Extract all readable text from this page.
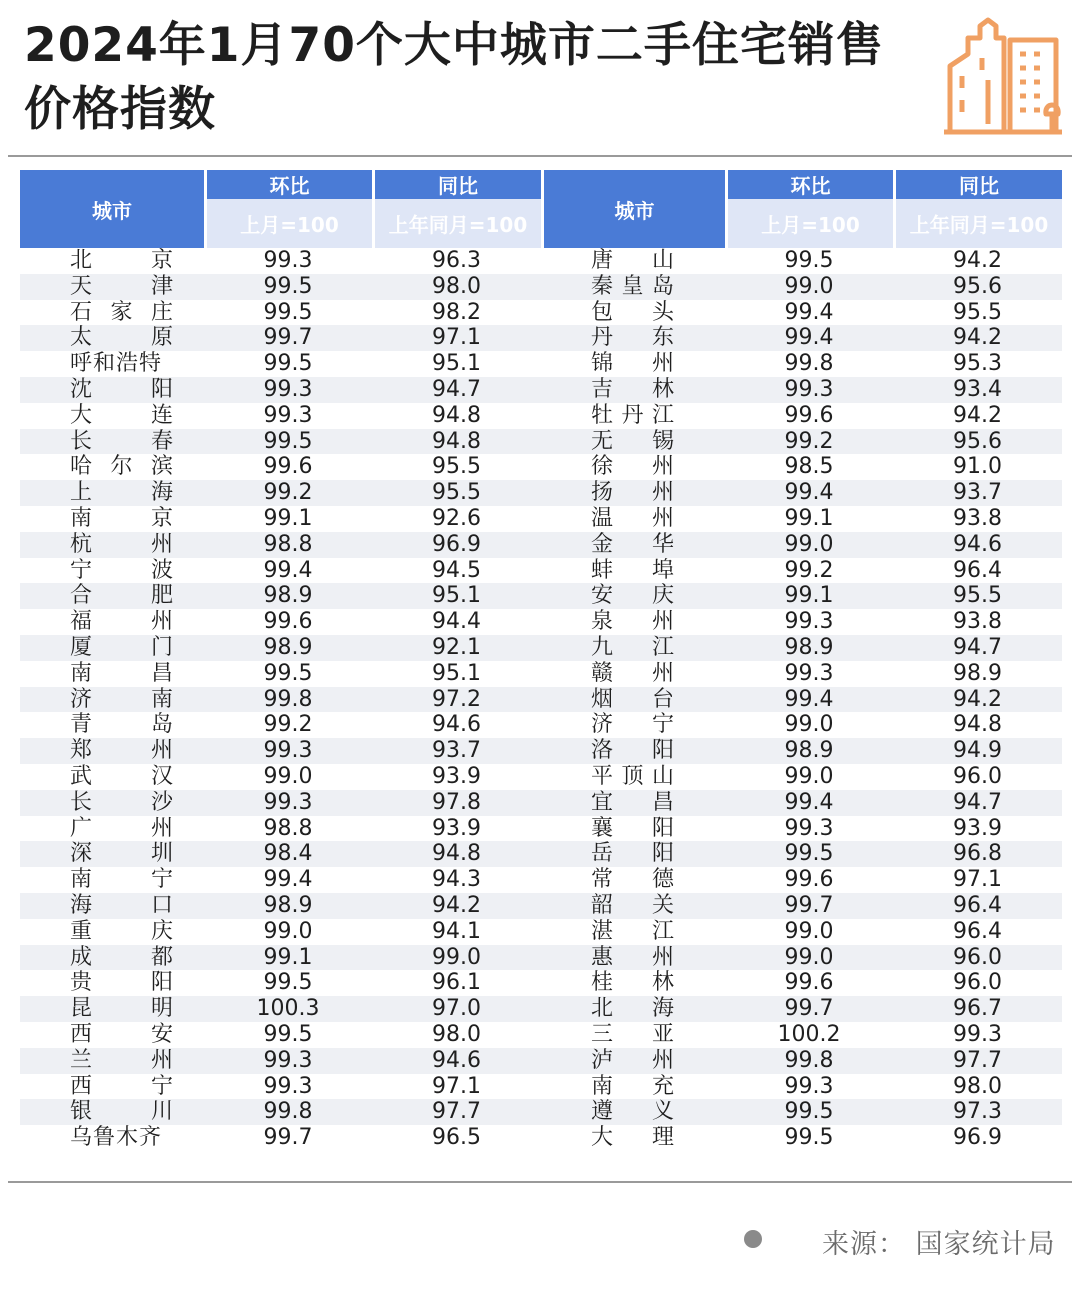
2024年1月70个大中城市二手住宅销售价格指数
城市	环比	同比	城市	环比	同比
	上月=100	上年同月=100		上月=100	上年同月=100
北京	99.3	96.3	唐山	99.5	94.2
天津	99.5	98.0	秦皇岛	99.0	95.6
石家庄	99.5	98.2	包头	99.4	95.5
太原	99.7	97.1	丹东	99.4	94.2
呼和浩特	99.5	95.1	锦州	99.8	95.3
沈阳	99.3	94.7	吉林	99.3	93.4
大连	99.3	94.8	牡丹江	99.6	94.2
长春	99.5	94.8	无锡	99.2	95.6
哈尔滨	99.6	95.5	徐州	98.5	91.0
上海	99.2	95.5	扬州	99.4	93.7
南京	99.1	92.6	温州	99.1	93.8
杭州	98.8	96.9	金华	99.0	94.6
宁波	99.4	94.5	蚌埠	99.2	96.4
合肥	98.9	95.1	安庆	99.1	95.5
福州	99.6	94.4	泉州	99.3	93.8
厦门	98.9	92.1	九江	98.9	94.7
南昌	99.5	95.1	赣州	99.3	98.9
济南	99.8	97.2	烟台	99.4	94.2
青岛	99.2	94.6	济宁	99.0	94.8
郑州	99.3	93.7	洛阳	98.9	94.9
武汉	99.0	93.9	平顶山	99.0	96.0
长沙	99.3	97.8	宜昌	99.4	94.7
广州	98.8	93.9	襄阳	99.3	93.9
深圳	98.4	94.8	岳阳	99.5	96.8
南宁	99.4	94.3	常德	99.6	97.1
海口	98.9	94.2	韶关	99.7	96.4
重庆	99.0	94.1	湛江	99.0	96.4
成都	99.1	99.0	惠州	99.0	96.0
贵阳	99.5	96.1	桂林	99.6	96.0
昆明	100.3	97.0	北海	99.7	96.7
西安	99.5	98.0	三亚	100.2	99.3
兰州	99.3	94.6	泸州	99.8	97.7
西宁	99.3	97.1	南充	99.3	98.0
银川	99.8	97.7	遵义	99.5	97.3
乌鲁木齐	99.7	96.5	大理	99.5	96.9
来源： 国家统计局
